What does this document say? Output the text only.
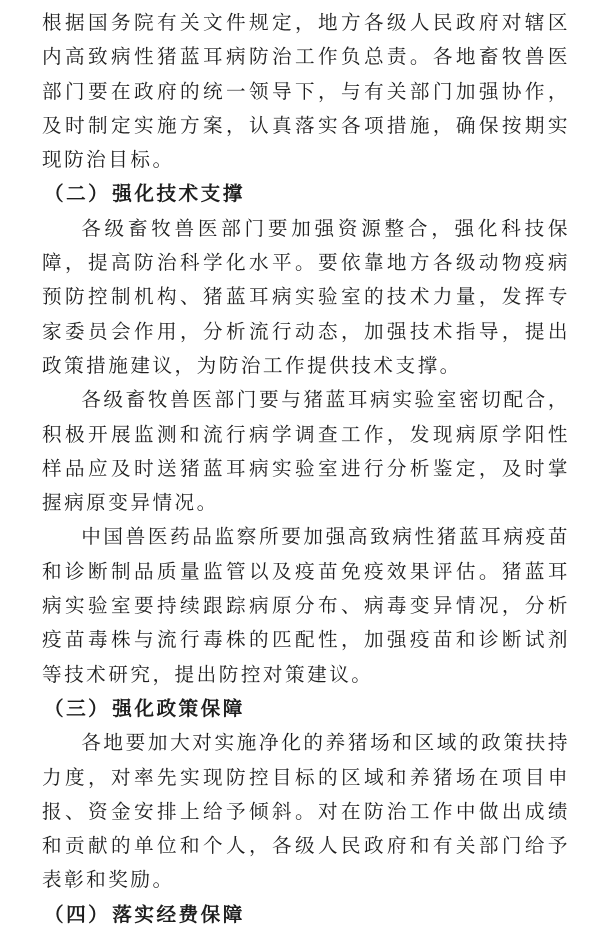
根据国务院有关文件规定，地方各级人民政府对辖区内高致病性猪蓝耳病防治工作负总责。各地畜牧兽医部门要在政府的统一领导下，与有关部门加强协作，及时制定实施方案，认真落实各项措施，确保按期实现防治目标。

（二） 强化技术支撑

各级畜牧兽医部门要加强资源整合，强化科技保障，提高防治科学化水平。要依靠地方各级动物疫病预防控制机构、猪蓝耳病实验室的技术力量，发挥专家委员会作用，分析流行动态，加强技术指导，提出政策措施建议，为防治工作提供技术支撑。

各级畜牧兽医部门要与猪蓝耳病实验室密切配合，积极开展监测和流行病学调查工作，发现病原学阳性样品应及时送猪蓝耳病实验室进行分析鉴定，及时掌握病原变异情况。

中国兽医药品监察所要加强高致病性猪蓝耳病疫苗和诊断制品质量监管以及疫苗免疫效果评估。猪蓝耳病实验室要持续跟踪病原分布、病毒变异情况，分析疫苗毒株与流行毒株的匹配性，加强疫苗和诊断试剂等技术研究，提出防控对策建议。

（三） 强化政策保障

各地要加大对实施净化的养猪场和区域的政策扶持力度，对率先实现防控目标的区域和养猪场在项目申报、资金安排上给予倾斜。对在防治工作中做出成绩和贡献的单位和个人，各级人民政府和有关部门给予表彰和奖励。

（四） 落实经费保障
